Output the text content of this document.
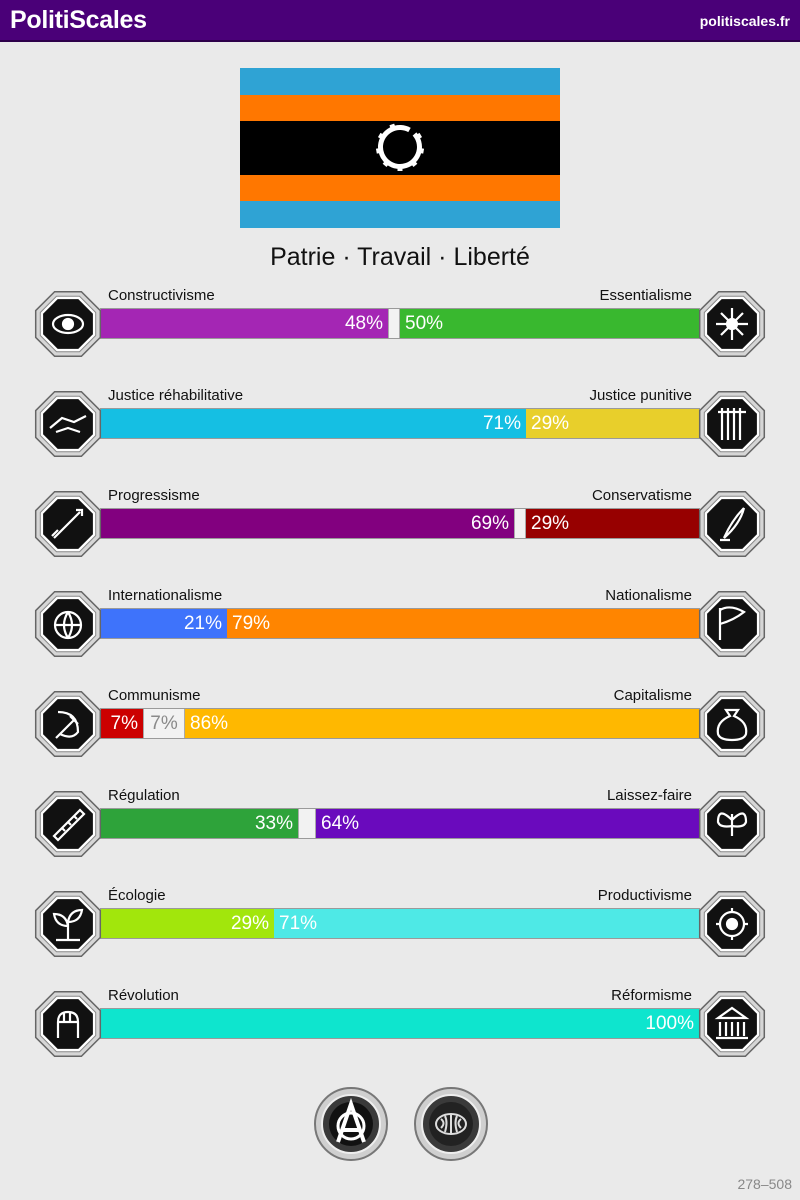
PolitiScales	politiscales.fr
Patrie · Travail · Liberté
Constructivisme	Essentialisme
48% 50%
Justice réhabilitative	Justice punitive
71% 29%
Progressisme	Conservatisme
69% 29%
Internationalisme	Nationalisme
21% 79%
Communisme	Capitalisme
7% 7% 86%
Régulation	Laissez-faire
33% 64%
Écologie	Productivisme
29% 71%
Révolution	Réformisme
100%
278–508
